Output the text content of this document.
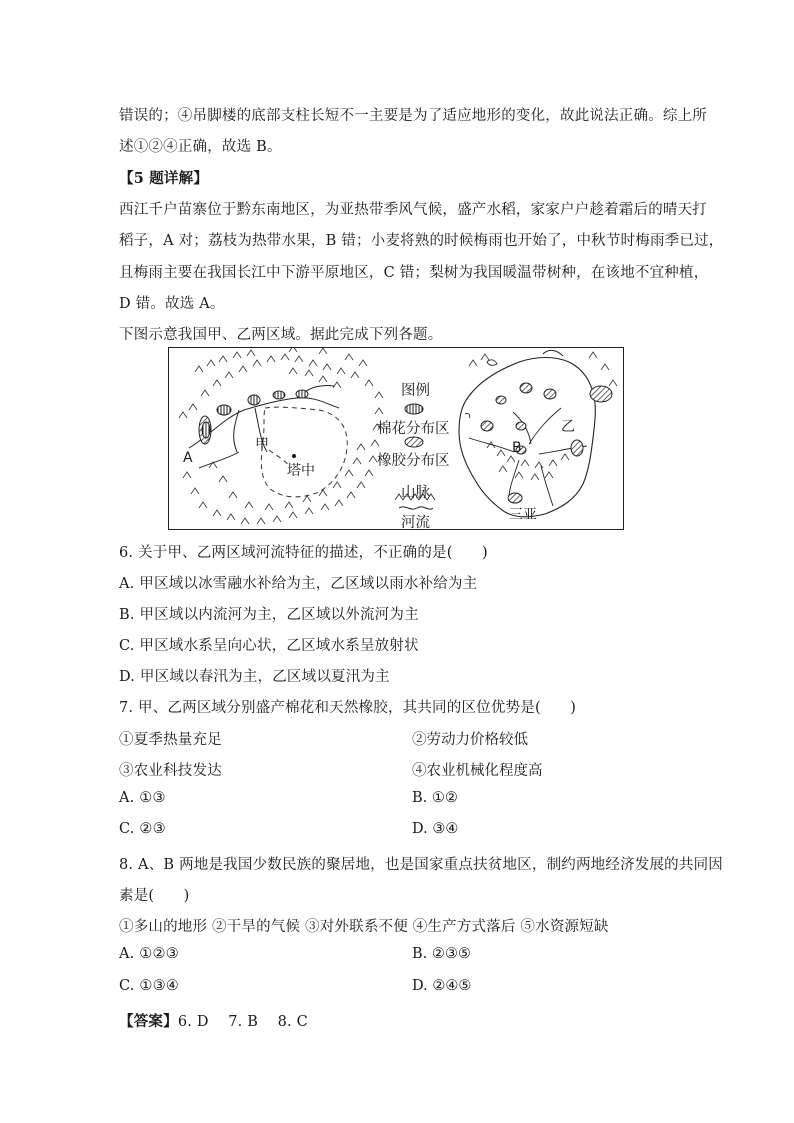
错误的；④吊脚楼的底部支柱长短不一主要是为了适应地形的变化，故此说法正确。综上所
述①②④正确，故选 B。
【5 题详解】
西江千户苗寨位于黔东南地区，为亚热带季风气候，盛产水稻，家家户户趁着霜后的晴天打
稻子，A 对；荔枝为热带水果，B 错；小麦将熟的时候梅雨也开始了，中秋节时梅雨季已过，
且梅雨主要在我国长江中下游平原地区，C 错；梨树为我国暖温带树种，在该地不宜种植，
D 错。故选 A。
下图示意我国甲、乙两区域。据此完成下列各题。
图例
棉花分布区
橡胶分布区
山脉
河流
甲
塔中
A
B
乙
三亚
6. 关于甲、乙两区域河流特征的描述，不正确的是(　　)
A. 甲区域以冰雪融水补给为主，乙区域以雨水补给为主
B. 甲区域以内流河为主，乙区域以外流河为主
C. 甲区域水系呈向心状，乙区域水系呈放射状
D. 甲区域以春汛为主，乙区域以夏汛为主
7. 甲、乙两区域分别盛产棉花和天然橡胶，其共同的区位优势是(　　)
①夏季热量充足	②劳动力价格较低
③农业科技发达	④农业机械化程度高
A. ①③	B. ①②
C. ②③	D. ③④
8. A、B 两地是我国少数民族的聚居地，也是国家重点扶贫地区，制约两地经济发展的共同因
素是(　　)
①多山的地形 ②干旱的气候 ③对外联系不便 ④生产方式落后 ⑤水资源短缺
A. ①②③	B. ②③⑤
C. ①③④	D. ②④⑤
【答案】6. D　 7. B　 8. C
